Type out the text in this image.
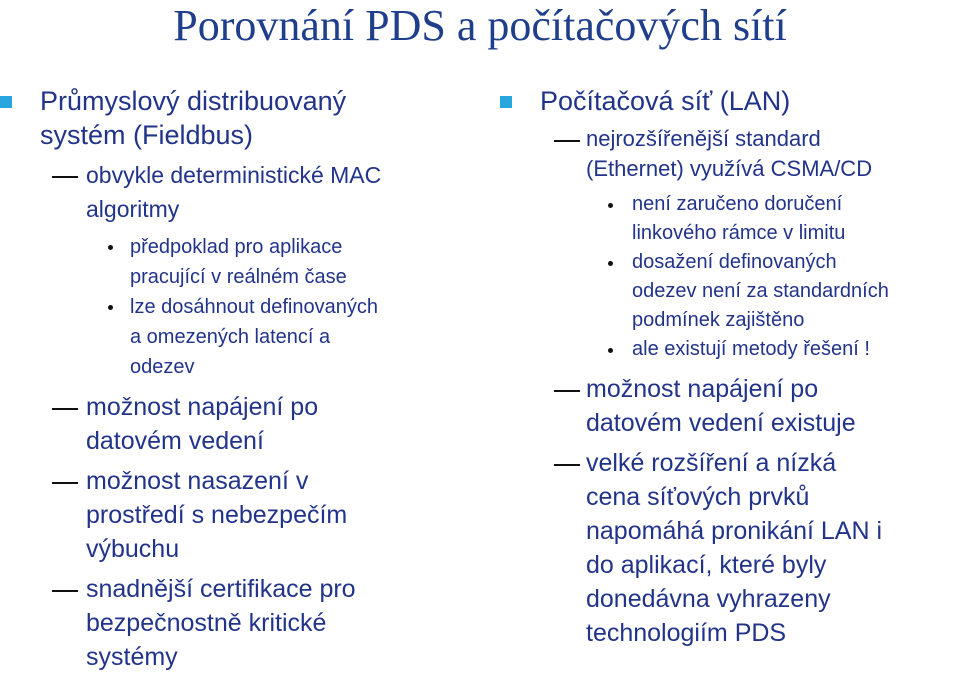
Porovnání PDS a počítačových sítí
Průmyslový distribuovaný
systém (Fieldbus)
obvykle deterministické MAC
algoritmy
předpoklad pro aplikace
pracující v reálném čase
lze dosáhnout definovaných
a omezených latencí a
odezev
možnost napájení po
datovém vedení
možnost nasazení v
prostředí s nebezpečím
výbuchu
snadnější certifikace pro
bezpečnostně kritické
systémy
Počítačová síť (LAN)
nejrozšířenější standard
(Ethernet) využívá CSMA/CD
není zaručeno doručení
linkového rámce v limitu
dosažení definovaných
odezev není za standardních
podmínek zajištěno
ale existují metody řešení !
možnost napájení po
datovém vedení existuje
velké rozšíření a nízká
cena síťových prvků
napomáhá pronikání LAN i
do aplikací, které byly
donedávna vyhrazeny
technologiím PDS
